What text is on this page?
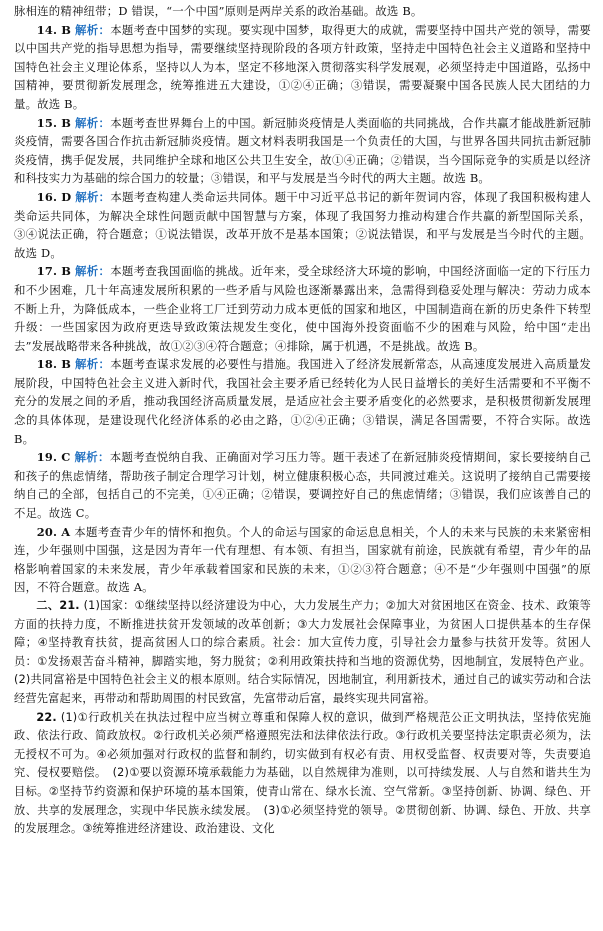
脉相连的精神纽带；D 错误，“一个中国”原则是两岸关系的政治基础。故选 B。

14. B 解析：本题考查中国梦的实现。要实现中国梦，取得更大的成就，需要坚持中国共产党的领导，需要以中国共产党的指导思想为指导，需要继续坚持现阶段的各项方针政策，坚持走中国特色社会主义道路和坚持中国特色社会主义理论体系，坚持以人为本，坚定不移地深入贯彻落实科学发展观，必须坚持走中国道路，弘扬中国精神，要贯彻新发展理念，统筹推进五大建设，①②④正确；③错误，需要凝聚中国各民族人民大团结的力量。故选 B。

15. B 解析：本题考查世界舞台上的中国。新冠肺炎疫情是人类面临的共同挑战，合作共赢才能战胜新冠肺炎疫情，需要各国合作抗击新冠肺炎疫情。题文材料表明我国是一个负责任的大国，与世界各国共同抗击新冠肺炎疫情，携手促发展，共同维护全球和地区公共卫生安全，故①④正确；②错误，当今国际竞争的实质是以经济和科技实力为基础的综合国力的较量；③错误，和平与发展是当今时代的两大主题。故选 B。

16. D 解析：本题考查构建人类命运共同体。题干中习近平总书记的新年贺词内容，体现了我国积极构建人类命运共同体，为解决全球性问题贡献中国智慧与方案，体现了我国努力推动构建合作共赢的新型国际关系，③④说法正确，符合题意；①说法错误，改革开放不是基本国策；②说法错误，和平与发展是当今时代的主题。故选 D。

17. B 解析：本题考查我国面临的挑战。近年来，受全球经济大环境的影响，中国经济面临一定的下行压力和不少困难，几十年高速发展所积累的一些矛盾与风险也逐渐暴露出来，急需得到稳妥处理与解决：劳动力成本不断上升，为降低成本，一些企业将工厂迁到劳动力成本更低的国家和地区，中国制造商在新的历史条件下转型升级：一些国家因为政府更迭导致政策法规发生变化，使中国海外投资面临不少的困难与风险，给中国“走出去”发展战略带来各种挑战，故①②③④符合题意；④排除，属于机遇，不是挑战。故选 B。

18. B 解析：本题考查谋求发展的必要性与措施。我国进入了经济发展新常态，从高速度发展进入高质量发展阶段，中国特色社会主义进入新时代，我国社会主要矛盾已经转化为人民日益增长的美好生活需要和不平衡不充分的发展之间的矛盾，推动我国经济高质量发展，是适应社会主要矛盾变化的必然要求，是积极贯彻新发展理念的具体体现，是建设现代化经济体系的必由之路，①②④正确；③错误，满足各国需要，不符合实际。故选 B。

19. C 解析：本题考查悦纳自我、正确面对学习压力等。题干表述了在新冠肺炎疫情期间，家长要接纳自己和孩子的焦虑情绪，帮助孩子制定合理学习计划，树立健康积极心态，共同渡过难关。这说明了接纳自己需要接纳自己的全部，包括自己的不完美，①④正确；②错误，要调控好自己的焦虑情绪；③错误，我们应该善自己的不足。故选 C。

20. A 本题考查青少年的情怀和抱负。个人的命运与国家的命运息息相关，个人的未来与民族的未来紧密相连，少年强则中国强，这是因为青年一代有理想、有本领、有担当，国家就有前途，民族就有希望，青少年的品格影响着国家的未来发展，青少年承载着国家和民族的未来，①②③符合题意；④不是“少年强则中国强”的原因，不符合题意。故选 A。

二、21. (1)国家：①继续坚持以经济建设为中心，大力发展生产力；②加大对贫困地区在资金、技术、政策等方面的扶持力度，不断推进扶贫开发领域的改革创新；③大力发展社会保障事业，为贫困人口提供基本的生存保障；④坚持教育扶贫，提高贫困人口的综合素质。社会：加大宣传力度，引导社会力量参与扶贫开发等。贫困人员：①发扬艰苦奋斗精神，脚踏实地，努力脱贫；②利用政策扶持和当地的资源优势，因地制宜，发展特色产业。(2)共同富裕是中国特色社会主义的根本原则。结合实际情况，因地制宜，利用新技术，通过自己的诚实劳动和合法经营先富起来，再带动和帮助周围的村民致富，先富带动后富，最终实现共同富裕。

22. (1)①行政机关在执法过程中应当树立尊重和保障人权的意识，做到严格规范公正文明执法，坚持依宪施政、依法行政、简政放权。②行政机关必须严格遵照宪法和法律依法行政。③行政机关要坚持法定职责必须为，法无授权不可为。④必须加强对行政权的监督和制约，切实做到有权必有责、用权受监督、权责要对等，失责要追究、侵权要赔偿。　(2)①要以资源环境承载能力为基础，以自然规律为准则，以可持续发展、人与自然和谐共生为目标。②坚持节约资源和保护环境的基本国策，使青山常在、绿水长流、空气常新。③坚持创新、协调、绿色、开放、共享的发展理念，实现中华民族永续发展。　(3)①必须坚持党的领导。②贯彻创新、协调、绿色、开放、共享的发展理念。③统筹推进经济建设、政治建设、文化
